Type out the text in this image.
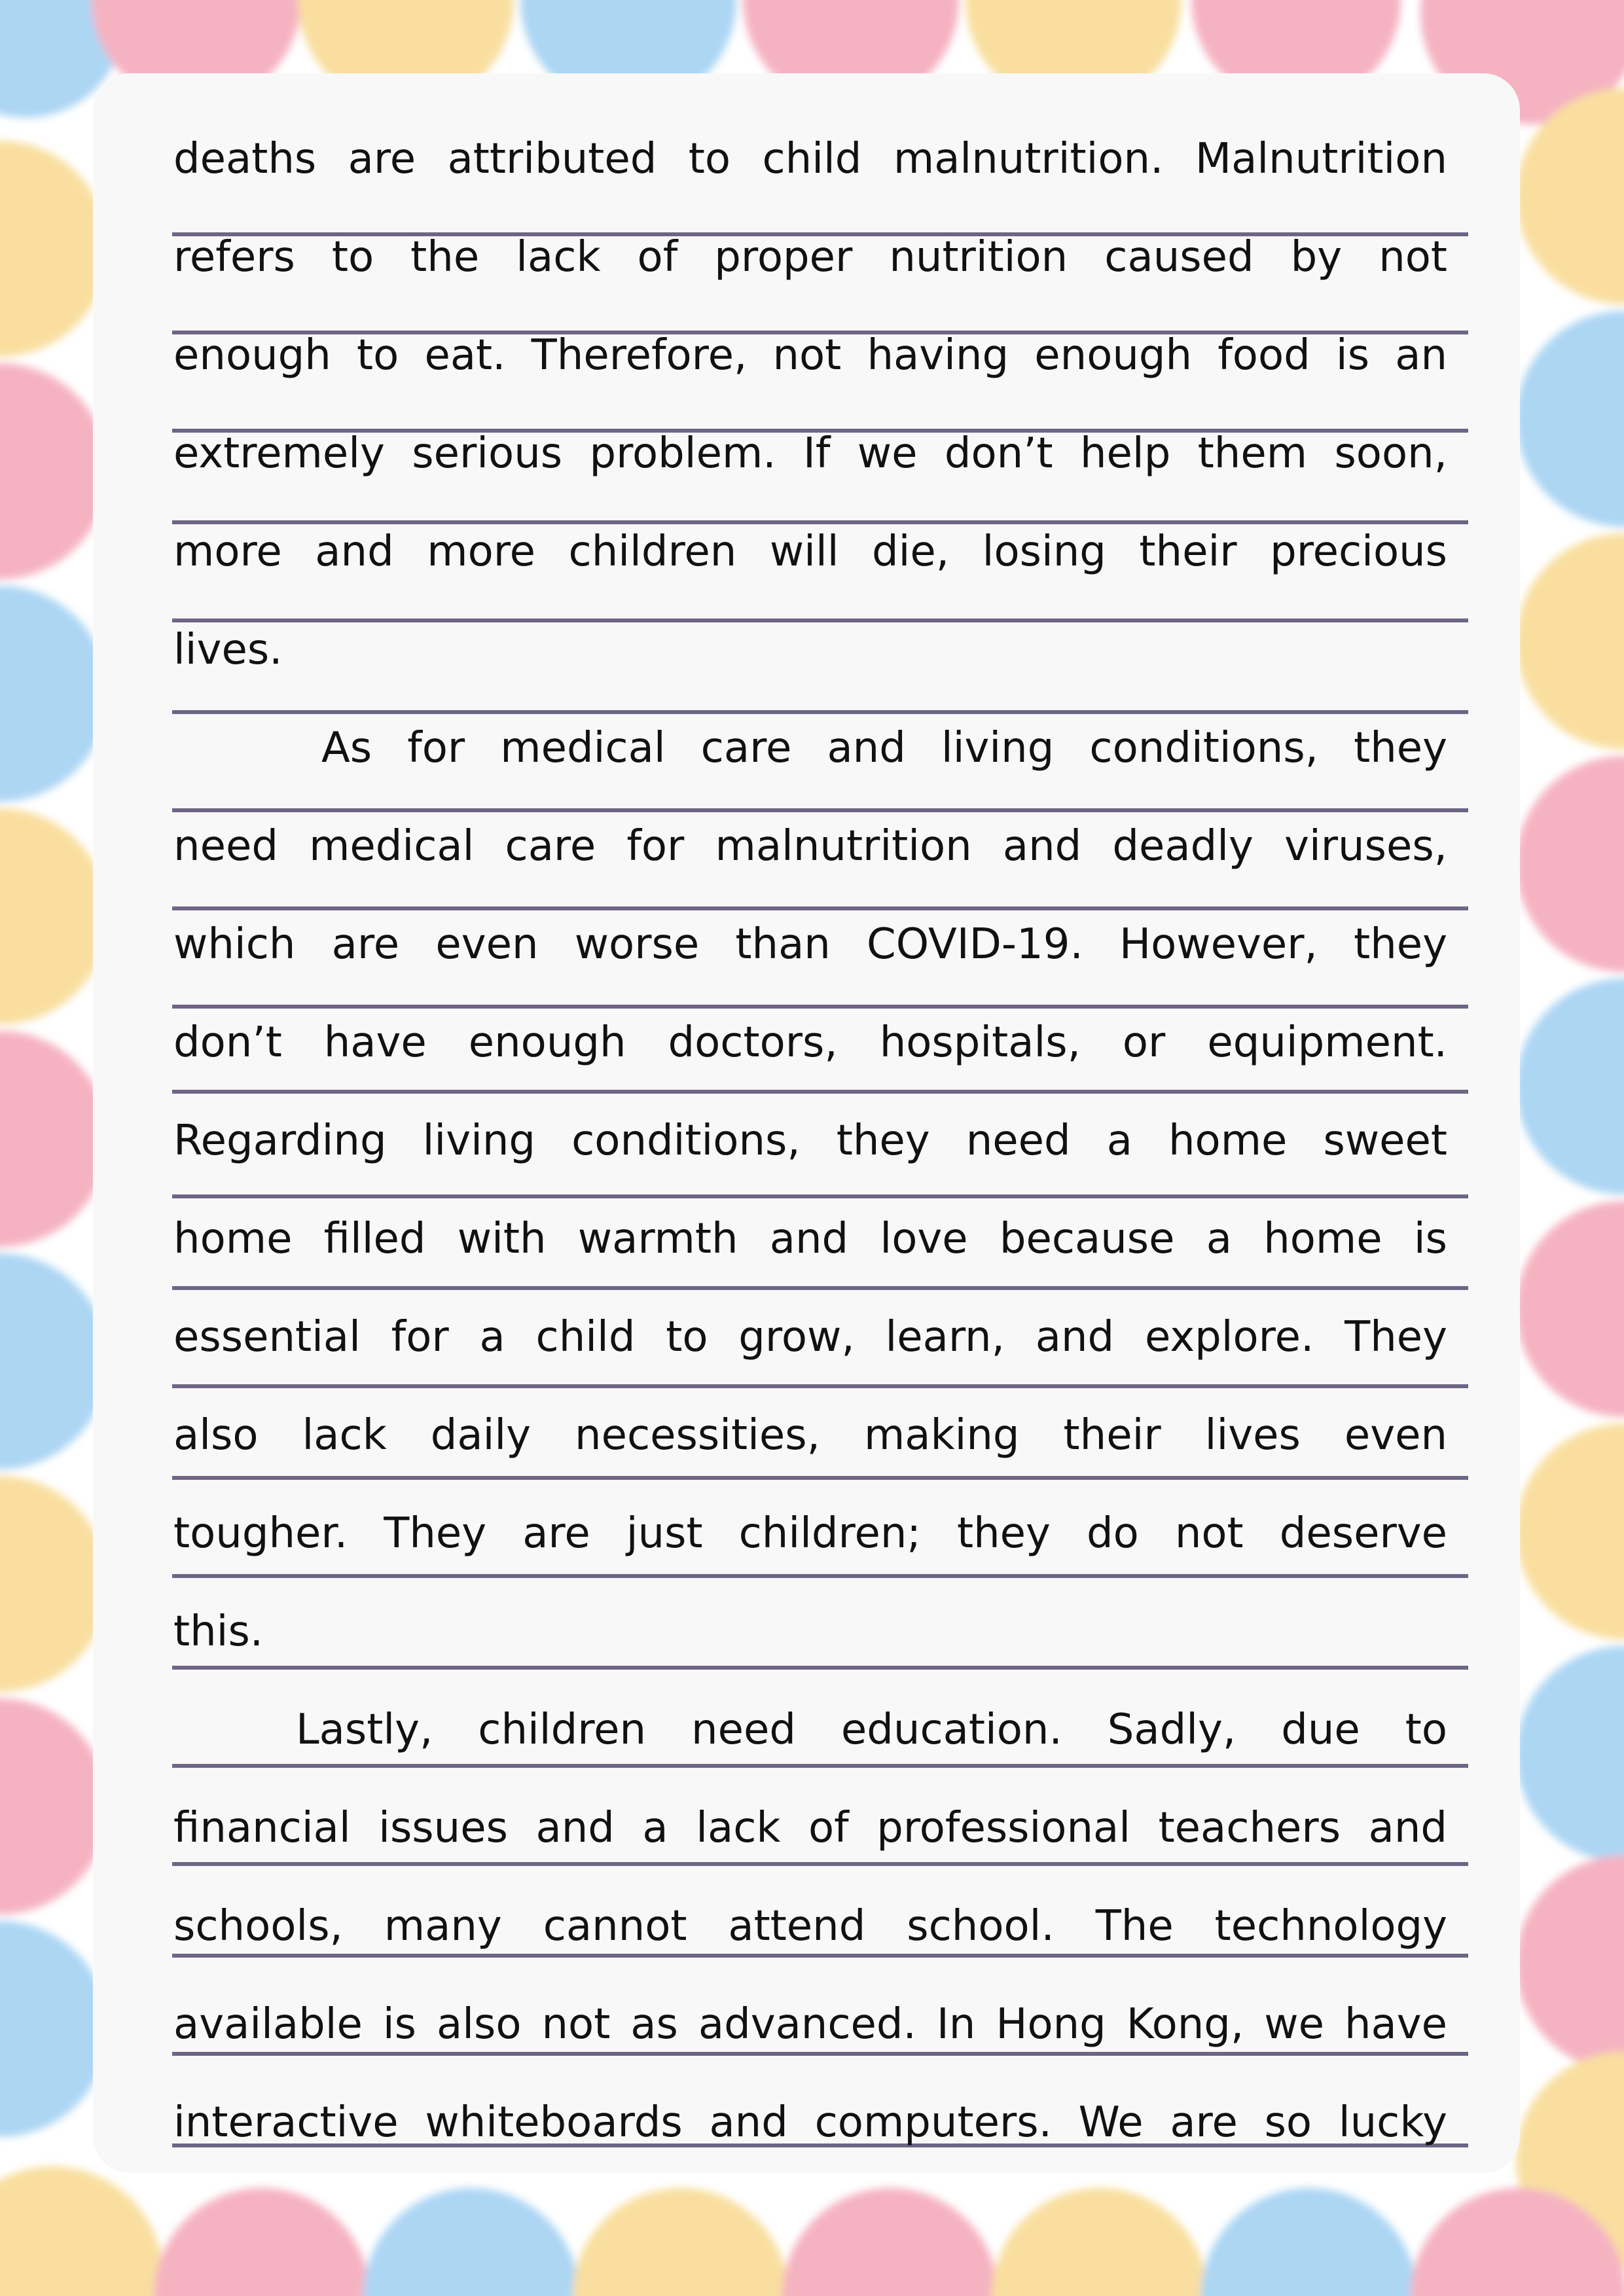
deaths are attributed to child malnutrition. Malnutrition
refers to the lack of proper nutrition caused by not
enough to eat. Therefore, not having enough food is an
extremely serious problem. If we don’t help them soon,
more and more children will die, losing their precious
lives.
As for medical care and living conditions, they
need medical care for malnutrition and deadly viruses,
which are even worse than COVID-19. However, they
don’t have enough doctors, hospitals, or equipment.
Regarding living conditions, they need a home sweet
home filled with warmth and love because a home is
essential for a child to grow, learn, and explore. They
also lack daily necessities, making their lives even
tougher. They are just children; they do not deserve
this.
Lastly, children need education. Sadly, due to
financial issues and a lack of professional teachers and
schools, many cannot attend school. The technology
available is also not as advanced. In Hong Kong, we have
interactive whiteboards and computers. We are so lucky
